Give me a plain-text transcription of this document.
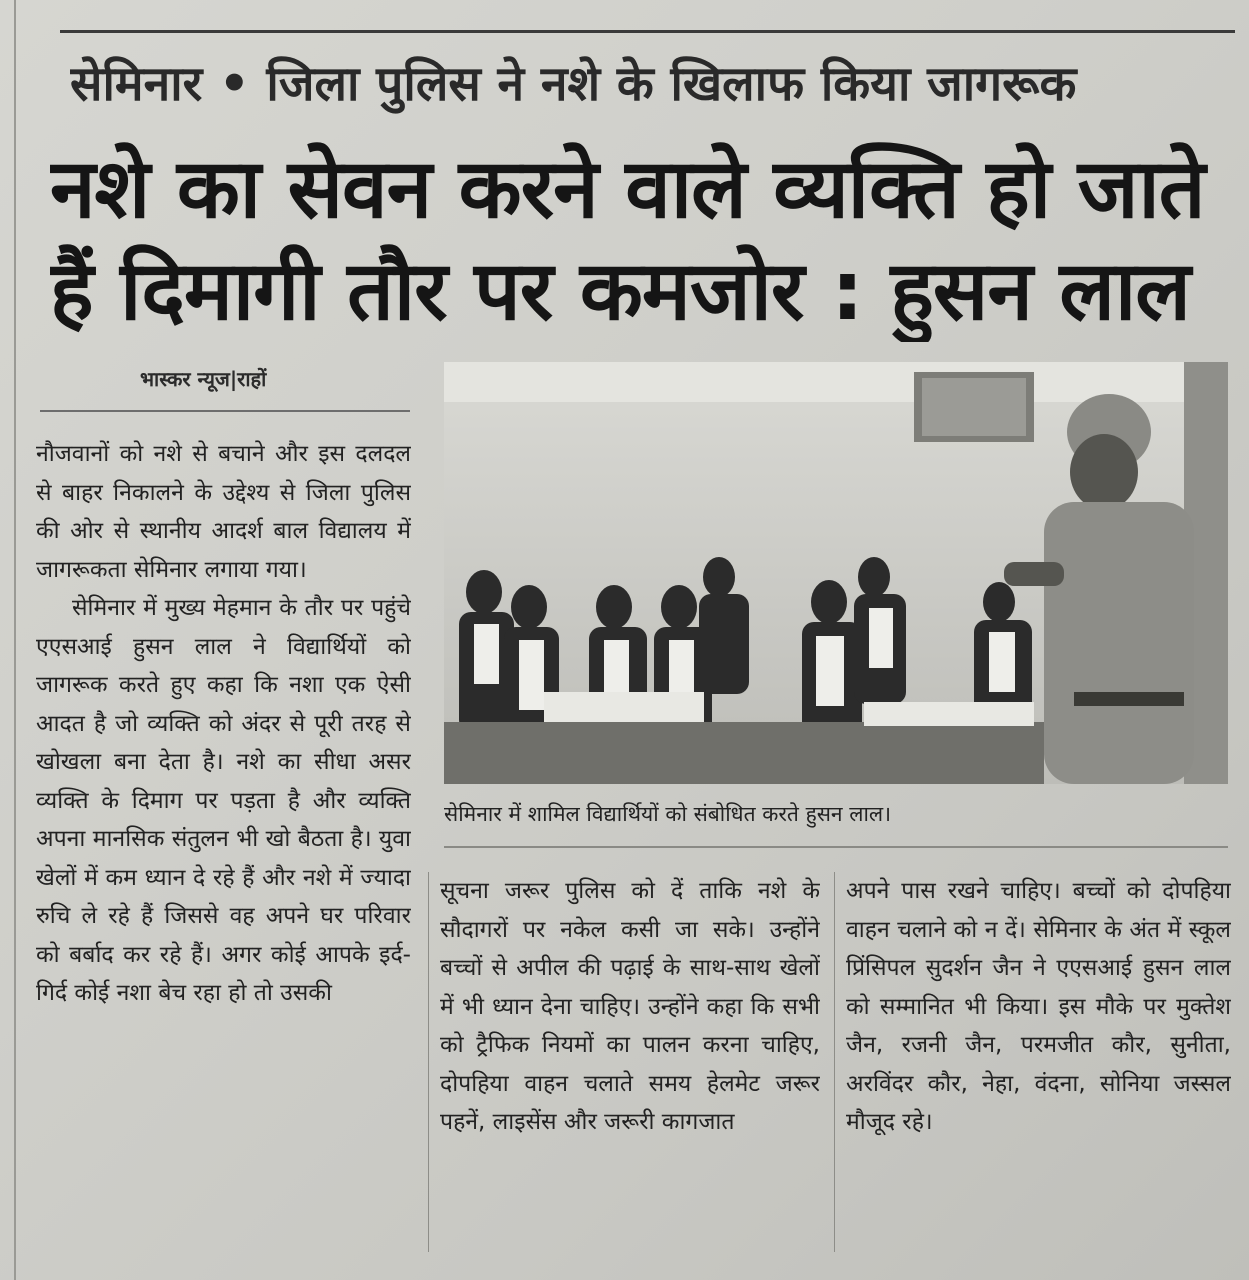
सेमिनार • जिला पुलिस ने नशे के खिलाफ किया जागरूक
नशे का सेवन करने वाले व्यक्ति हो जाते
हैं दिमागी तौर पर कमजोर : हुसन लाल
भास्कर न्यूज|राहों

नौजवानों को नशे से बचाने और इस दलदल से बाहर निकालने के उद्देश्य से जिला पुलिस की ओर से स्थानीय आदर्श बाल विद्यालय में जागरूकता सेमिनार लगाया गया।

सेमिनार में मुख्य मेहमान के तौर पर पहुंचे एएसआई हुसन लाल ने विद्यार्थियों को जागरूक करते हुए कहा कि नशा एक ऐसी आदत है जो व्यक्ति को अंदर से पूरी तरह से खोखला बना देता है। नशे का सीधा असर व्यक्ति के दिमाग पर पड़ता है और व्यक्ति अपना मानसिक संतुलन भी खो बैठता है। युवा खेलों में कम ध्यान दे रहे हैं और नशे में ज्यादा रुचि ले रहे हैं जिससे वह अपने घर परिवार को बर्बाद कर रहे हैं। अगर कोई आपके इर्द-गिर्द कोई नशा बेच रहा हो तो उसकी

सेमिनार में शामिल विद्यार्थियों को संबोधित करते हुसन लाल।

सूचना जरूर पुलिस को दें ताकि नशे के सौदागरों पर नकेल कसी जा सके। उन्होंने बच्चों से अपील की पढ़ाई के साथ-साथ खेलों में भी ध्यान देना चाहिए। उन्होंने कहा कि सभी को ट्रैफिक नियमों का पालन करना चाहिए, दोपहिया वाहन चलाते समय हेलमेट जरूर पहनें, लाइसेंस और जरूरी कागजात

अपने पास रखने चाहिए। बच्चों को दोपहिया वाहन चलाने को न दें। सेमिनार के अंत में स्कूल प्रिंसिपल सुदर्शन जैन ने एएसआई हुसन लाल को सम्मानित भी किया। इस मौके पर मुक्तेश जैन, रजनी जैन, परमजीत कौर, सुनीता, अरविंदर कौर, नेहा, वंदना, सोनिया जस्सल मौजूद रहे।
